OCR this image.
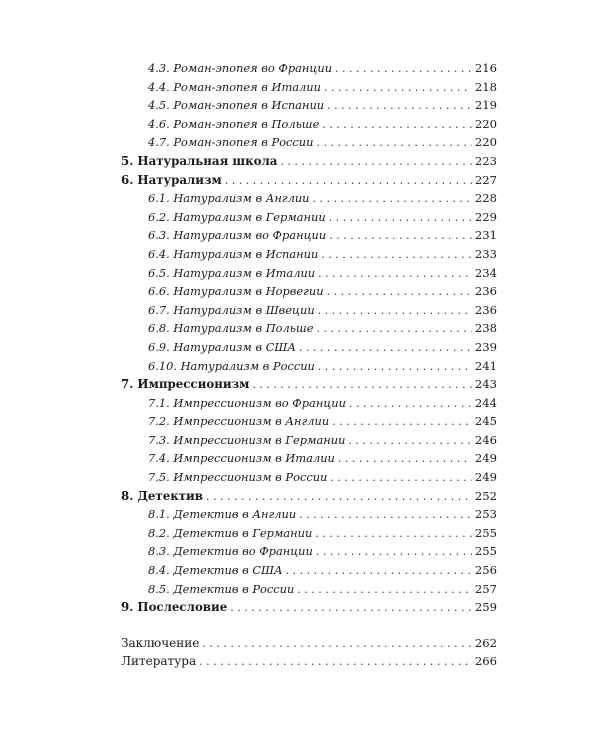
4.3. Роман-эпопея во Франции . . .	216
4.4. Роман-эпопея в Италии . . .	218
4.5. Роман-эпопея в Испании . . .	219
4.6. Роман-эпопея в Польше . . .	220
4.7. Роман-эпопея в России . . .	220
5. Натуральная школа . . .	223
6. Натурализм . . .	227
6.1. Натурализм в Англии . . .	228
6.2. Натурализм в Германии . . .	229
6.3. Натурализм во Франции . . .	231
6.4. Натурализм в Испании . . .	233
6.5. Натурализм в Италии . . .	234
6.6. Натурализм в Норвегии . . .	236
6.7. Натурализм в Швеции . . .	236
6.8. Натурализм в Польше . . .	238
6.9. Натурализм в США . . .	239
6.10. Натурализм в России . . .	241
7. Импрессионизм . . .	243
7.1. Импрессионизм во Франции . . .	244
7.2. Импрессионизм в Англии . . .	245
7.3. Импрессионизм в Германии . . .	246
7.4. Импрессионизм в Италии . . .	249
7.5. Импрессионизм в России . . .	249
8. Детектив . . .	252
8.1. Детектив в Англии . . .	253
8.2. Детектив в Германии . . .	255
8.3. Детектив во Франции . . .	255
8.4. Детектив в США . . .	256
8.5. Детектив в России . . .	257
9. Послесловие . . .	259
Заключение . . .	262
Литература . . .	266
